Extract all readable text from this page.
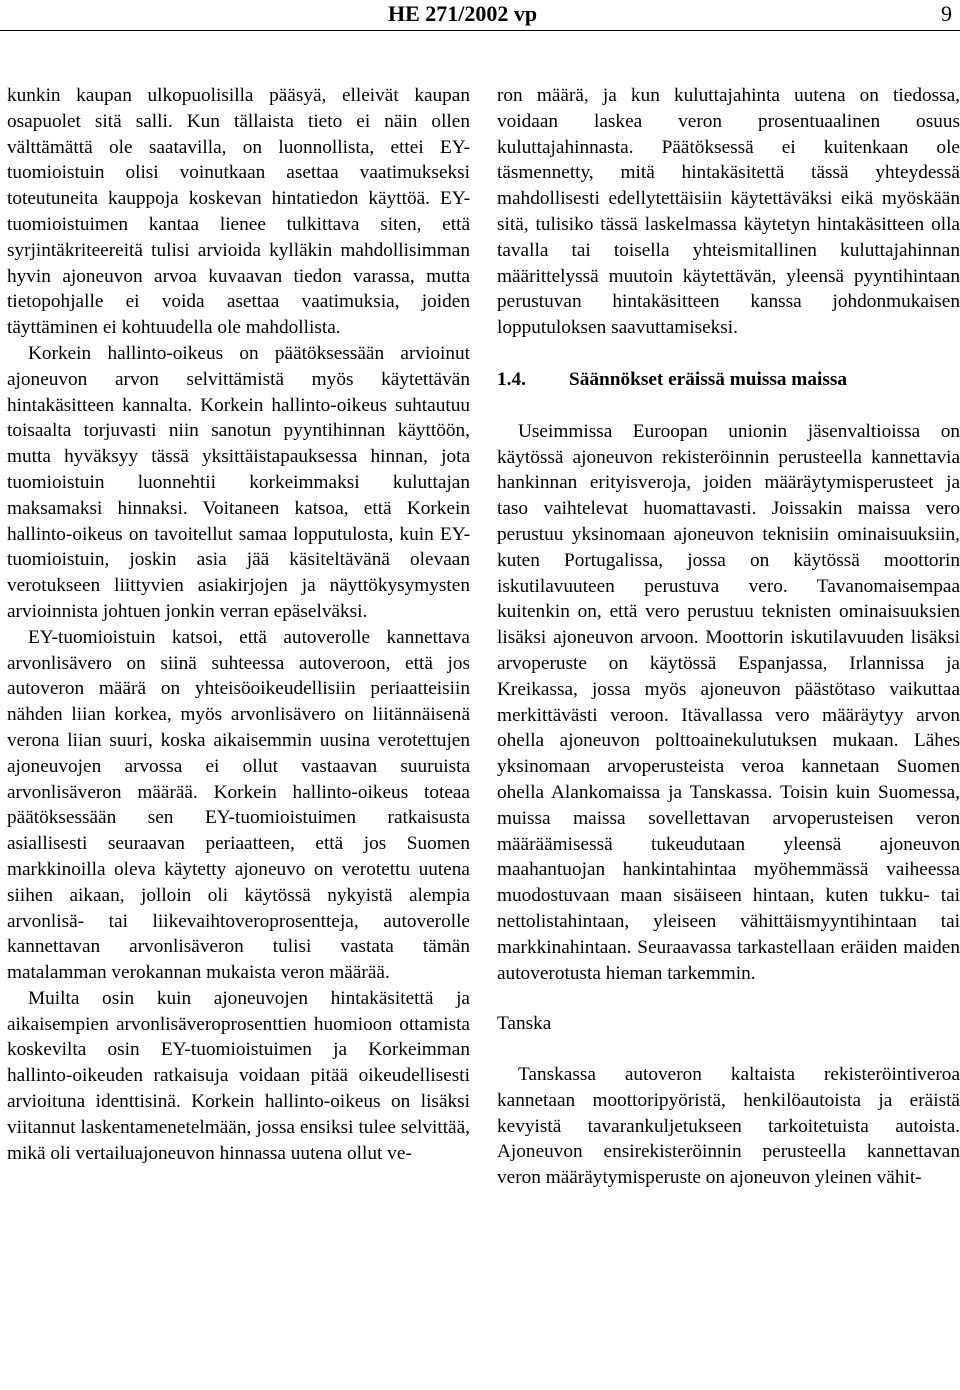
HE 271/2002 vp	9

kunkin kaupan ulkopuolisilla pääsyä, elleivät kaupan osapuolet sitä salli. Kun tällaista tieto ei näin ollen välttämättä ole saatavilla, on luonnollista, ettei EY-tuomioistuin olisi voinutkaan asettaa vaatimukseksi toteutuneita kauppoja koskevan hintatiedon käyttöä. EY-tuomioistuimen kantaa lienee tulkittava siten, että syrjintäkriteereitä tulisi arvioida kylläkin mahdollisimman hyvin ajoneuvon arvoa kuvaavan tiedon varassa, mutta tietopohjalle ei voida asettaa vaatimuksia, joiden täyttäminen ei kohtuudella ole mahdollista.

Korkein hallinto-oikeus on päätöksessään arvioinut ajoneuvon arvon selvittämistä myös käytettävän hintakäsitteen kannalta. Korkein hallinto-oikeus suhtautuu toisaalta torjuvasti niin sanotun pyyntihinnan käyttöön, mutta hyväksyy tässä yksittäistapauksessa hinnan, jota tuomioistuin luonnehtii korkeimmaksi kuluttajan maksamaksi hinnaksi. Voitaneen katsoa, että Korkein hallinto-oikeus on tavoitellut samaa lopputulosta, kuin EY-tuomioistuin, joskin asia jää käsiteltävänä olevaan verotukseen liittyvien asiakirjojen ja näyttökysymysten arvioinnista johtuen jonkin verran epäselväksi.

EY-tuomioistuin katsoi, että autoverolle kannettava arvonlisävero on siinä suhteessa autoveroon, että jos autoveron määrä on yhteisöoikeudellisiin periaatteisiin nähden liian korkea, myös arvonlisävero on liitännäisenä verona liian suuri, koska aikaisemmin uusina verotettujen ajoneuvojen arvossa ei ollut vastaavan suuruista arvonlisäveron määrää. Korkein hallinto-oikeus toteaa päätöksessään sen EY-tuomioistuimen ratkaisusta asiallisesti seuraavan periaatteen, että jos Suomen markkinoilla oleva käytetty ajoneuvo on verotettu uutena siihen aikaan, jolloin oli käytössä nykyistä alempia arvonlisä- tai liikevaihtoveroprosentteja, autoverolle kannettavan arvonlisäveron tulisi vastata tämän matalamman verokannan mukaista veron määrää.

Muilta osin kuin ajoneuvojen hintakäsitettä ja aikaisempien arvonlisäveroprosenttien huomioon ottamista koskevilta osin EY-tuomioistuimen ja Korkeimman hallinto-oikeuden ratkaisuja voidaan pitää oikeudellisesti arvioituna identtisinä. Korkein hallinto-oikeus on lisäksi viitannut laskentamenetelmään, jossa ensiksi tulee selvittää, mikä oli vertailuajoneuvon hinnassa uutena ollut ve-

ron määrä, ja kun kuluttajahinta uutena on tiedossa, voidaan laskea veron prosentuaalinen osuus kuluttajahinnasta. Päätöksessä ei kuitenkaan ole täsmennetty, mitä hintakäsitettä tässä yhteydessä mahdollisesti edellytettäisiin käytettäväksi eikä myöskään sitä, tulisiko tässä laskelmassa käytetyn hintakäsitteen olla tavalla tai toisella yhteismitallinen kuluttajahinnan määrittelyssä muutoin käytettävän, yleensä pyyntihintaan perustuvan hintakäsitteen kanssa johdonmukaisen lopputuloksen saavuttamiseksi.

1.4. Säännökset eräissä muissa maissa

Useimmissa Euroopan unionin jäsenvaltioissa on käytössä ajoneuvon rekisteröinnin perusteella kannettavia hankinnan erityisveroja, joiden määräytymisperusteet ja taso vaihtelevat huomattavasti. Joissakin maissa vero perustuu yksinomaan ajoneuvon teknisiin ominaisuuksiin, kuten Portugalissa, jossa on käytössä moottorin iskutilavuuteen perustuva vero. Tavanomaisempaa kuitenkin on, että vero perustuu teknisten ominaisuuksien lisäksi ajoneuvon arvoon. Moottorin iskutilavuuden lisäksi arvoperuste on käytössä Espanjassa, Irlannissa ja Kreikassa, jossa myös ajoneuvon päästötaso vaikuttaa merkittävästi veroon. Itävallassa vero määräytyy arvon ohella ajoneuvon polttoainekulutuksen mukaan. Lähes yksinomaan arvoperusteista veroa kannetaan Suomen ohella Alankomaissa ja Tanskassa. Toisin kuin Suomessa, muissa maissa sovellettavan arvoperusteisen veron määräämisessä tukeudutaan yleensä ajoneuvon maahantuojan hankintahintaa myöhemmässä vaiheessa muodostuvaan maan sisäiseen hintaan, kuten tukku- tai nettolistahintaan, yleiseen vähittäismyyntihintaan tai markkinahintaan. Seuraavassa tarkastellaan eräiden maiden autoverotusta hieman tarkemmin.

Tanska

Tanskassa autoveron kaltaista rekisteröintiveroa kannetaan moottoripyöristä, henkilöautoista ja eräistä kevyistä tavarankuljetukseen tarkoitetuista autoista. Ajoneuvon ensirekisteröinnin perusteella kannettavan veron määräytymisperuste on ajoneuvon yleinen vähit-
